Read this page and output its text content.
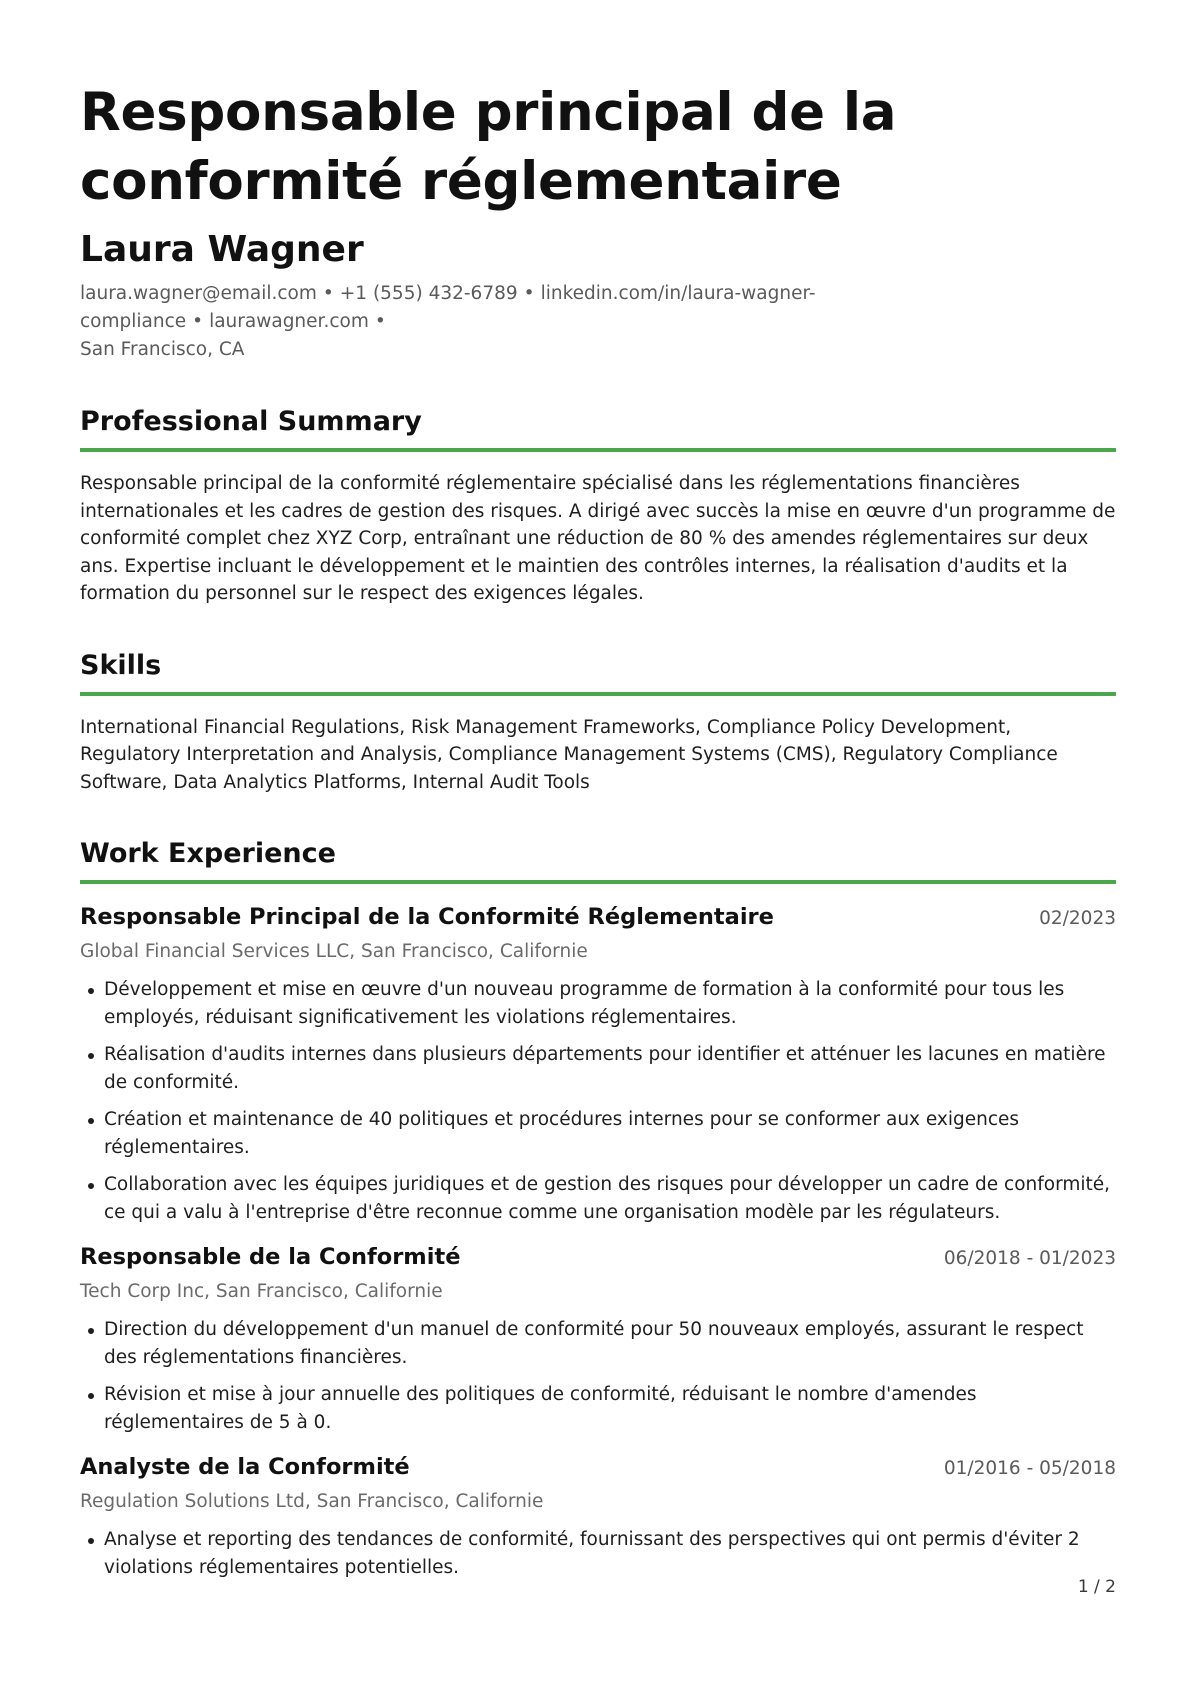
Responsable principal de la conformité réglementaire
Laura Wagner
laura.wagner@email.com • +1 (555) 432-6789 • linkedin.com/in/laura-wagner-compliance • laurawagner.com •
San Francisco, CA
Professional Summary
Responsable principal de la conformité réglementaire spécialisé dans les réglementations financières internationales et les cadres de gestion des risques. A dirigé avec succès la mise en œuvre d'un programme de conformité complet chez XYZ Corp, entraînant une réduction de 80 % des amendes réglementaires sur deux ans. Expertise incluant le développement et le maintien des contrôles internes, la réalisation d'audits et la formation du personnel sur le respect des exigences légales.
Skills
International Financial Regulations, Risk Management Frameworks, Compliance Policy Development, Regulatory Interpretation and Analysis, Compliance Management Systems (CMS), Regulatory Compliance Software, Data Analytics Platforms, Internal Audit Tools
Work Experience
Responsable Principal de la Conformité Réglementaire	02/2023
Global Financial Services LLC, San Francisco, Californie
Développement et mise en œuvre d'un nouveau programme de formation à la conformité pour tous les employés, réduisant significativement les violations réglementaires.
Réalisation d'audits internes dans plusieurs départements pour identifier et atténuer les lacunes en matière de conformité.
Création et maintenance de 40 politiques et procédures internes pour se conformer aux exigences réglementaires.
Collaboration avec les équipes juridiques et de gestion des risques pour développer un cadre de conformité, ce qui a valu à l'entreprise d'être reconnue comme une organisation modèle par les régulateurs.
Responsable de la Conformité	06/2018 - 01/2023
Tech Corp Inc, San Francisco, Californie
Direction du développement d'un manuel de conformité pour 50 nouveaux employés, assurant le respect des réglementations financières.
Révision et mise à jour annuelle des politiques de conformité, réduisant le nombre d'amendes réglementaires de 5 à 0.
Analyste de la Conformité	01/2016 - 05/2018
Regulation Solutions Ltd, San Francisco, Californie
Analyse et reporting des tendances de conformité, fournissant des perspectives qui ont permis d'éviter 2 violations réglementaires potentielles.
1 / 2
